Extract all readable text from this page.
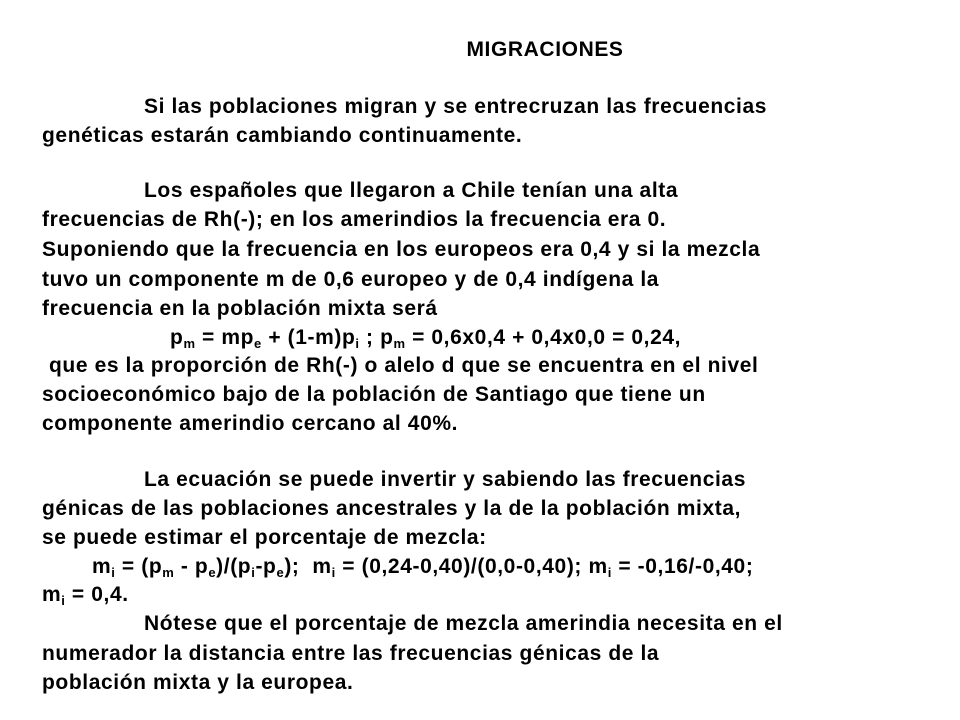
MIGRACIONES
Si las poblaciones migran y se entrecruzan las frecuencias
genéticas estarán cambiando continuamente.
Los españoles que llegaron a Chile tenían una alta
frecuencias de Rh(-); en los amerindios la frecuencia era 0.
Suponiendo que la frecuencia en los europeos era 0,4 y si la mezcla
tuvo un componente m de 0,6 europeo y de 0,4 indígena la
frecuencia en la población mixta será
$p_m = mp_e + (1-m)p_i$ ; $p_m = 0,6x0,4 + 0,4x0,0 = 0,24$,
que es la proporción de Rh(-) o alelo d que se encuentra en el nivel
socioeconómico bajo de la población de Santiago que tiene un
componente amerindio cercano al 40%.
La ecuación se puede invertir y sabiendo las frecuencias
génicas de las poblaciones ancestrales y la de la población mixta,
se puede estimar el porcentaje de mezcla:
$m_i = (p_m - p_e)/(p_i-p_e)$;  $m_i = (0,24-0,40)/(0,0-0,40)$; $m_i = -0,16/-0,40$;
$m_i = 0,4$.
Nótese que el porcentaje de mezcla amerindia necesita en el
numerador la distancia entre las frecuencias génicas de la
población mixta y la europea.
